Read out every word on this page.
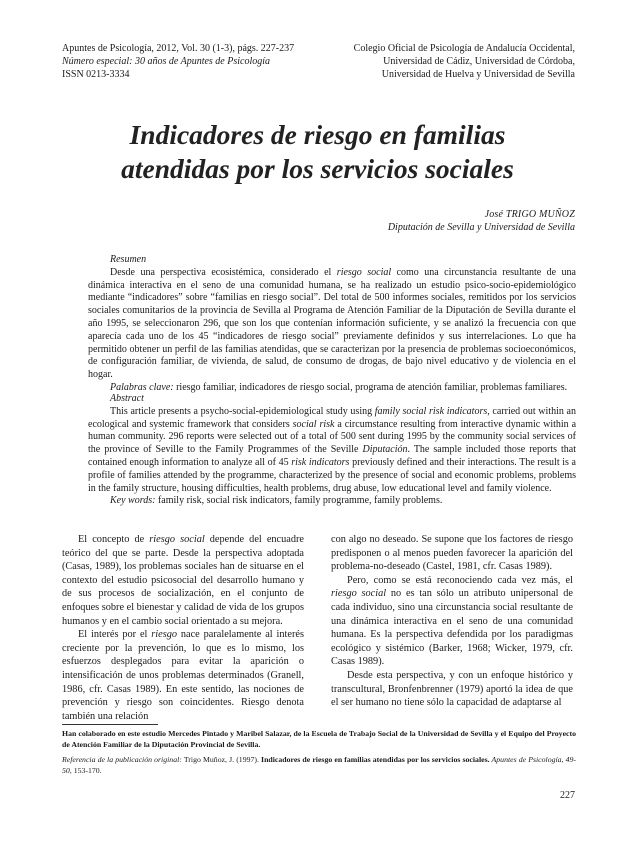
Apuntes de Psicología, 2012, Vol. 30 (1-3), págs. 227-237
Número especial: 30 años de Apuntes de Psicología
ISSN 0213-3334
Colegio Oficial de Psicología de Andalucía Occidental,
Universidad de Cádiz, Universidad de Córdoba,
Universidad de Huelva y Universidad de Sevilla
Indicadores de riesgo en familias
atendidas por los servicios sociales
José TRIGO MUÑOZ
Diputación de Sevilla y Universidad de Sevilla
Resumen
Desde una perspectiva ecosistémica, considerado el riesgo social como una circunstancia resultante de una dinámica interactiva en el seno de una comunidad humana, se ha realizado un estudio psico-socio-epidemiológico mediante “indicadores” sobre “familias en riesgo social”. Del total de 500 informes sociales, remitidos por los servicios sociales comunitarios de la provincia de Sevilla al Programa de Atención Familiar de la Diputación de Sevilla durante el año 1995, se seleccionaron 296, que son los que contenían información suficiente, y se analizó la frecuencia con que aparecía cada uno de los 45 “indicadores de riesgo social” previamente definidos y sus interrelaciones. Lo que ha permitido obtener un perfil de las familias atendidas, que se caracterizan por la presencia de problemas socioeconómicos, de configuración familiar, de vivienda, de salud, de consumo de drogas, de bajo nivel educativo y de violencia en el hogar.
Palabras clave: riesgo familiar, indicadores de riesgo social, programa de atención familiar, problemas familiares.
Abstract
This article presents a psycho-social-epidemiological study using family social risk indicators, carried out within an ecological and systemic framework that considers social risk a circumstance resulting from interactive dynamic within a human community. 296 reports were selected out of a total of 500 sent during 1995 by the community social services of the province of Seville to the Family Programmes of the Seville Diputación. The sample included those reports that contained enough information to analyze all of 45 risk indicators previously defined and their interactions. The result is a profile of families attended by the programme, characterized by the presence of social and economic problems, problems in the family structure, housing difficulties, health problems, drug abuse, low educational level and family violence.
Key words: family risk, social risk indicators, family programme, family problems.

El concepto de riesgo social depende del encuadre teórico del que se parte. Desde la perspectiva adoptada (Casas, 1989), los problemas sociales han de situarse en el contexto del estudio psicosocial del desarrollo humano y de sus procesos de socialización, en el conjunto de enfoques sobre el bienestar y calidad de vida de los grupos humanos y en el cambio social orientado a su mejora.

El interés por el riesgo nace paralelamente al interés creciente por la prevención, lo que es lo mismo, los esfuerzos desplegados para evitar la aparición o intensificación de unos problemas determinados (Granell, 1986, cfr. Casas 1989). En este sentido, las nociones de prevención y riesgo son coincidentes. Riesgo denota también una relación

con algo no deseado. Se supone que los factores de riesgo predisponen o al menos pueden favorecer la aparición del problema-no-deseado (Castel, 1981, cfr. Casas 1989).

Pero, como se está reconociendo cada vez más, el riesgo social no es tan sólo un atributo unipersonal de cada individuo, sino una circunstancia social resultante de una dinámica interactiva en el seno de una comunidad humana. Es la perspectiva defendida por los paradigmas ecológico y sistémico (Barker, 1968; Wicker, 1979, cfr. Casas 1989).

Desde esta perspectiva, y con un enfoque histórico y transcultural, Bronfenbrenner (1979) aportó la idea de que el ser humano no tiene sólo la capacidad de adaptarse al

Han colaborado en este estudio Mercedes Pintado y Maribel Salazar, de la Escuela de Trabajo Social de la Universidad de Sevilla y el Equipo del Proyecto de Atención Familiar de la Diputación Provincial de Sevilla.
Referencia de la publicación original: Trigo Muñoz, J. (1997). Indicadores de riesgo en familias atendidas por los servicios sociales. Apuntes de Psicología, 49-50, 153-170.
227
